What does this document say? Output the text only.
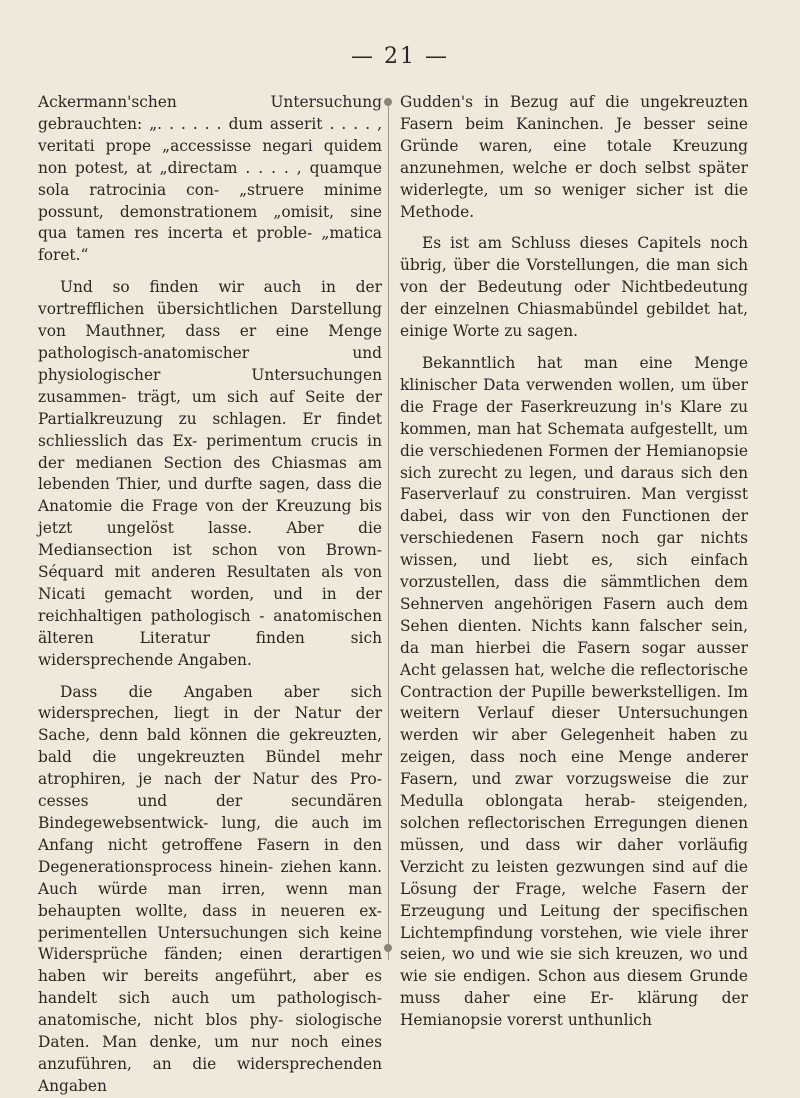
— 21 —

Ackermann'schen Untersuchung gebrauchten: „. . . . . . dum asserit . . . . , veritati prope „accessisse negari quidem non potest, at „directam . . . . , quamque sola ratrocinia con- „struere minime possunt, demonstrationem „omisit, sine qua tamen res incerta et proble- „matica foret.“

Und so finden wir auch in der vortrefflichen übersichtlichen Darstellung von Mauthner, dass er eine Menge pathologisch-anatomischer und physiologischer Untersuchungen zusammen- trägt, um sich auf Seite der Partialkreuzung zu schlagen. Er findet schliesslich das Ex- perimentum crucis in der medianen Section des Chiasmas am lebenden Thier, und durfte sagen, dass die Anatomie die Frage von der Kreuzung bis jetzt ungelöst lasse. Aber die Mediansection ist schon von Brown-Séquard mit anderen Resultaten als von Nicati gemacht worden, und in der reichhaltigen pathologisch - anatomischen älteren Literatur finden sich widersprechende Angaben.

Dass die Angaben aber sich widersprechen, liegt in der Natur der Sache, denn bald können die gekreuzten, bald die ungekreuzten Bündel mehr atrophiren, je nach der Natur des Pro- cesses und der secundären Bindegewebsentwick- lung, die auch im Anfang nicht getroffene Fasern in den Degenerationsprocess hinein- ziehen kann. Auch würde man irren, wenn man behaupten wollte, dass in neueren ex- perimentellen Untersuchungen sich keine Widersprüche fänden; einen derartigen haben wir bereits angeführt, aber es handelt sich auch um pathologisch-anatomische, nicht blos phy- siologische Daten. Man denke, um nur noch eines anzuführen, an die widersprechenden Angaben

Gudden's in Bezug auf die ungekreuzten Fasern beim Kaninchen. Je besser seine Gründe waren, eine totale Kreuzung anzunehmen, welche er doch selbst später widerlegte, um so weniger sicher ist die Methode.

Es ist am Schluss dieses Capitels noch übrig, über die Vorstellungen, die man sich von der Bedeutung oder Nichtbedeutung der einzelnen Chiasmabündel gebildet hat, einige Worte zu sagen.

Bekanntlich hat man eine Menge klinischer Data verwenden wollen, um über die Frage der Faserkreuzung in's Klare zu kommen, man hat Schemata aufgestellt, um die verschiedenen Formen der Hemianopsie sich zurecht zu legen, und daraus sich den Faserverlauf zu construiren. Man vergisst dabei, dass wir von den Functionen der verschiedenen Fasern noch gar nichts wissen, und liebt es, sich einfach vorzustellen, dass die sämmtlichen dem Sehnerven angehörigen Fasern auch dem Sehen dienten. Nichts kann falscher sein, da man hierbei die Fasern sogar ausser Acht gelassen hat, welche die reflectorische Contraction der Pupille bewerkstelligen. Im weitern Verlauf dieser Untersuchungen werden wir aber Gelegenheit haben zu zeigen, dass noch eine Menge anderer Fasern, und zwar vorzugsweise die zur Medulla oblongata herab- steigenden, solchen reflectorischen Erregungen dienen müssen, und dass wir daher vorläufig Verzicht zu leisten gezwungen sind auf die Lösung der Frage, welche Fasern der Erzeugung und Leitung der specifischen Lichtempfindung vorstehen, wie viele ihrer seien, wo und wie sie sich kreuzen, wo und wie sie endigen. Schon aus diesem Grunde muss daher eine Er- klärung der Hemianopsie vorerst unthunlich
